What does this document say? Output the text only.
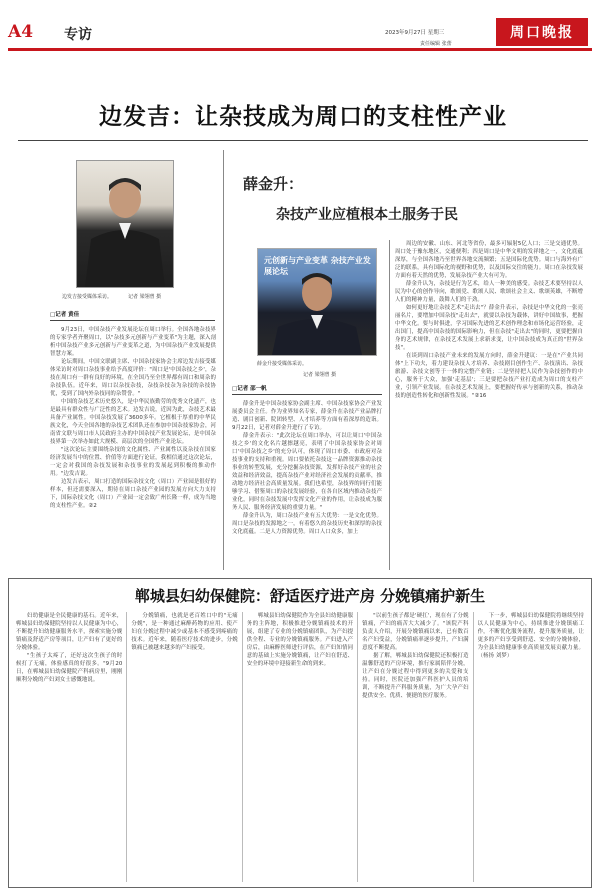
A4 专访	2023年9月27日 星期三
责任编辑 张蕾
周口晚报
边发吉：让杂技成为周口的支柱性产业
边发吉接受媒体采访。	记者 梁翎曾 摄
□记者 黄佳

9月23日，中国杂技产业发展论坛在周口举行。全国各地杂技界的专家学者齐聚周口，以"杂技多元创新与产业变革"为主题，深入剖析中国杂技产业多元创新与产业变革之道，为中国杂技产业发展提供智慧方案。

论坛期间，中国文联副主席、中国杂技家协会主席边发吉接受媒体采访时对周口杂技事业给予高度评价："周口是'中国杂技之乡'，杂技在周口有一群有良好的环境，在全国乃至全世界都有周口和周杂的杂技队伍。近年来，周口以杂技杂技，杂技杂技杂为杂技的杂技协优，受到了国内外杂技同的杂赞誉。"

中国的杂技艺术历史悠久，是中华民族勤劳的优秀文化遗产，也是最具有群众性与广泛性的艺术。边发吉说，近因为此，杂技艺术最具备产业属性。中国杂技发展了3600多年。它植根于厚重的中华民族文化，今天全国各地的杂技艺术团队还在参加中国杂技家协会，河南省文联与周口市人民政府主办的中国杂技产业发展论坛，是中国杂技界第一次举办如此大规模、高层次的全国性产业论坛。

"这次论坛主要围绕杂技的文化属性、产业属性以及杂技在国家经济发展当中的位置、价值等方面进行论证，我相信通过这次论坛，一定会对我国的杂技发展和杂技事业的发展起到积极的推动作用。"边发吉说。

边发吉表示，周口打造的国际杂技文化（周口）产业园是很好的样本，但还需要深入，期待在周口杂技产业园的发展方向大力支持下，国际杂技文化（周口）产业园一定会致广州长隆一样，成为当地的支柱性产业。②2

薛金升：
杂技产业应植根本土服务于民
元创新与产业变革 杂技产业发展论坛
薛金升接受媒体采访。
记者 梁翎曾 摄
□记者 邵一帆

薛金升是中国杂技家协会副主席、中国杂技家协会产业发展委员会主任。作为业界知名专家，薛金升在杂技产业品牌打造、剧目创新、院团转型、人才培养等方面有着深厚的造诣。9月22日，记者对薛金升进行了专访。

薛金升表示："此次论坛在周口举办，可以让周口'中国杂技之乡'的文化名片越擦越亮，表明了中国杂技家协会对周口'中国杂技之乡'的充分认可，体现了周口市委、市政府对杂技事业的支持和重视。周口要依托杂技这一品牌资源推动杂技事业的转型发展，充分挖掘杂技资源，发挥好杂技产业的社会效益和经济效益，提高杂技产业对经济社会发展的贡献率，推动地方经济社会高质量发展。我们也希望，杂技界的同行们能够学习、借鉴周口的杂技发展经验，在各自区域内推动杂技产业化，同时在杂技发展中发挥文化产业的作用，让杂技成为服务人民、服务经济发展的重要力量。"

薛金升认为，周口杂技产业有五大优势：一是文化优势。周口是杂技的发源地之一，有着悠久的杂技历史和深厚的杂技文化底蕴。二是人力资源优势。周口人口众多，加上

周边的安徽、山东、河北等省份，最多可辐射5亿人口；三是交通优势。周口处于豫东地区，交通便利；四是周口是中华文明的发祥地之一，文化底蕴深厚，与全国各地乃至世界各地交流频繁；五是国际化优势。周口与海外有广泛的联系，具有国际化的视野和优势，以及国际交往的能力。周口在杂技发展方面有着天然的优势，发展杂技产业大有可为。

薛金升认为，杂技是行为艺术，给人一种美的感受。杂技艺术要坚持以人民为中心的创作导向，歌颂党、歌颂人民、歌颂社会主义、歌颂英雄，不断增人们的精神力量，鼓舞人们的干劲。

如何更好地让杂技艺术"走出去"？薛金升表示，杂技是中华文化的一张亮丽名片，要增加中国杂技"走出去"，就要以杂技为载体，讲好中国故事，把握中华文化。要与时俱进，学习国际先进的艺术创作理念和市场化运营经验，走出国门，提高中国杂技的国际影响力，但在杂技"走出去"的同时，更要把握自身的艺术规律，在杂技艺术发展上求新求变，让中国杂技成为真正的"世界杂技"。

在谈到周口杂技产业未来的发展方向时，薛金升建议：一是在"产业共同体"上下功夫，着力建设杂技人才培养、杂技剧目创作生产、杂技演出、杂技旅游、杂技文创等于一体的完整产业链；二是坚持把人民作为杂技创作的中心，服务于大众，加强'走基层'；三是要把杂技产业打造成为周口的支柱产业，引领产业发展。在杂技艺术发展上，要把握好传承与创新的关系，推动杂技的创造性转化和创新性发展。"②16

郸城县妇幼保健院：舒适医疗进产房 分娩镇痛护新生

妇幼健康是全民健康的基石。近年来，郸城县妇幼保健院坚持以人民健康为中心，不断提升妇幼健康服务水平，探索实施分娩镇痛及舒适产房等项目，让产妇有了更好的分娩体验。

"生孩子太疼了，还好这次生孩子的时候打了无痛，体验感真的好很多。"9月20日，在郸城县妇幼保健院产科病房里，刚刚顺利分娩的产妇刘女士感慨地说。

分娩镇痛，也就是老百姓口中的"无痛分娩"，是一种通过麻醉药物的应用、使产妇在分娩过程中减少或基本不感受到疼痛的技术。近年来，随着医疗技术的进步，分娩镇痛已被越来越多的产妇接受。

郸城县妇幼保健院作为全县妇幼健康服务的主阵地，积极推进分娩镇痛技术的开展，组建了专业的分娩镇痛团队，为产妇提供全程、专业的分娩镇痛服务。产妇进入产房后，由麻醉医师进行评估，在产妇知情同意的基础上实施分娩镇痛，让产妇在舒适、安全的环境中迎接新生命的到来。

"以前生孩子都是'硬扛'，现在有了分娩镇痛，产妇的痛苦大大减少了。"该院产科负责人介绍，开展分娩镇痛以来，已有数百名产妇受益，分娩镇痛率逐步提升，产妇满意度不断提高。

据了解，郸城县妇幼保健院还积极打造温馨舒适的产房环境，推行家属陪伴分娩，让产妇在分娩过程中得到更多的关爱和支持。同时，医院还加强产科医护人员的培训，不断提升产科服务质量，为广大孕产妇提供安全、优质、便捷的医疗服务。

下一步，郸城县妇幼保健院将继续坚持以人民健康为中心，持续推进分娩镇痛工作，不断优化服务流程，提升服务质量，让更多的产妇享受到舒适、安全的分娩体验，为全县妇幼健康事业高质量发展贡献力量。（杨扬 刘梦）
